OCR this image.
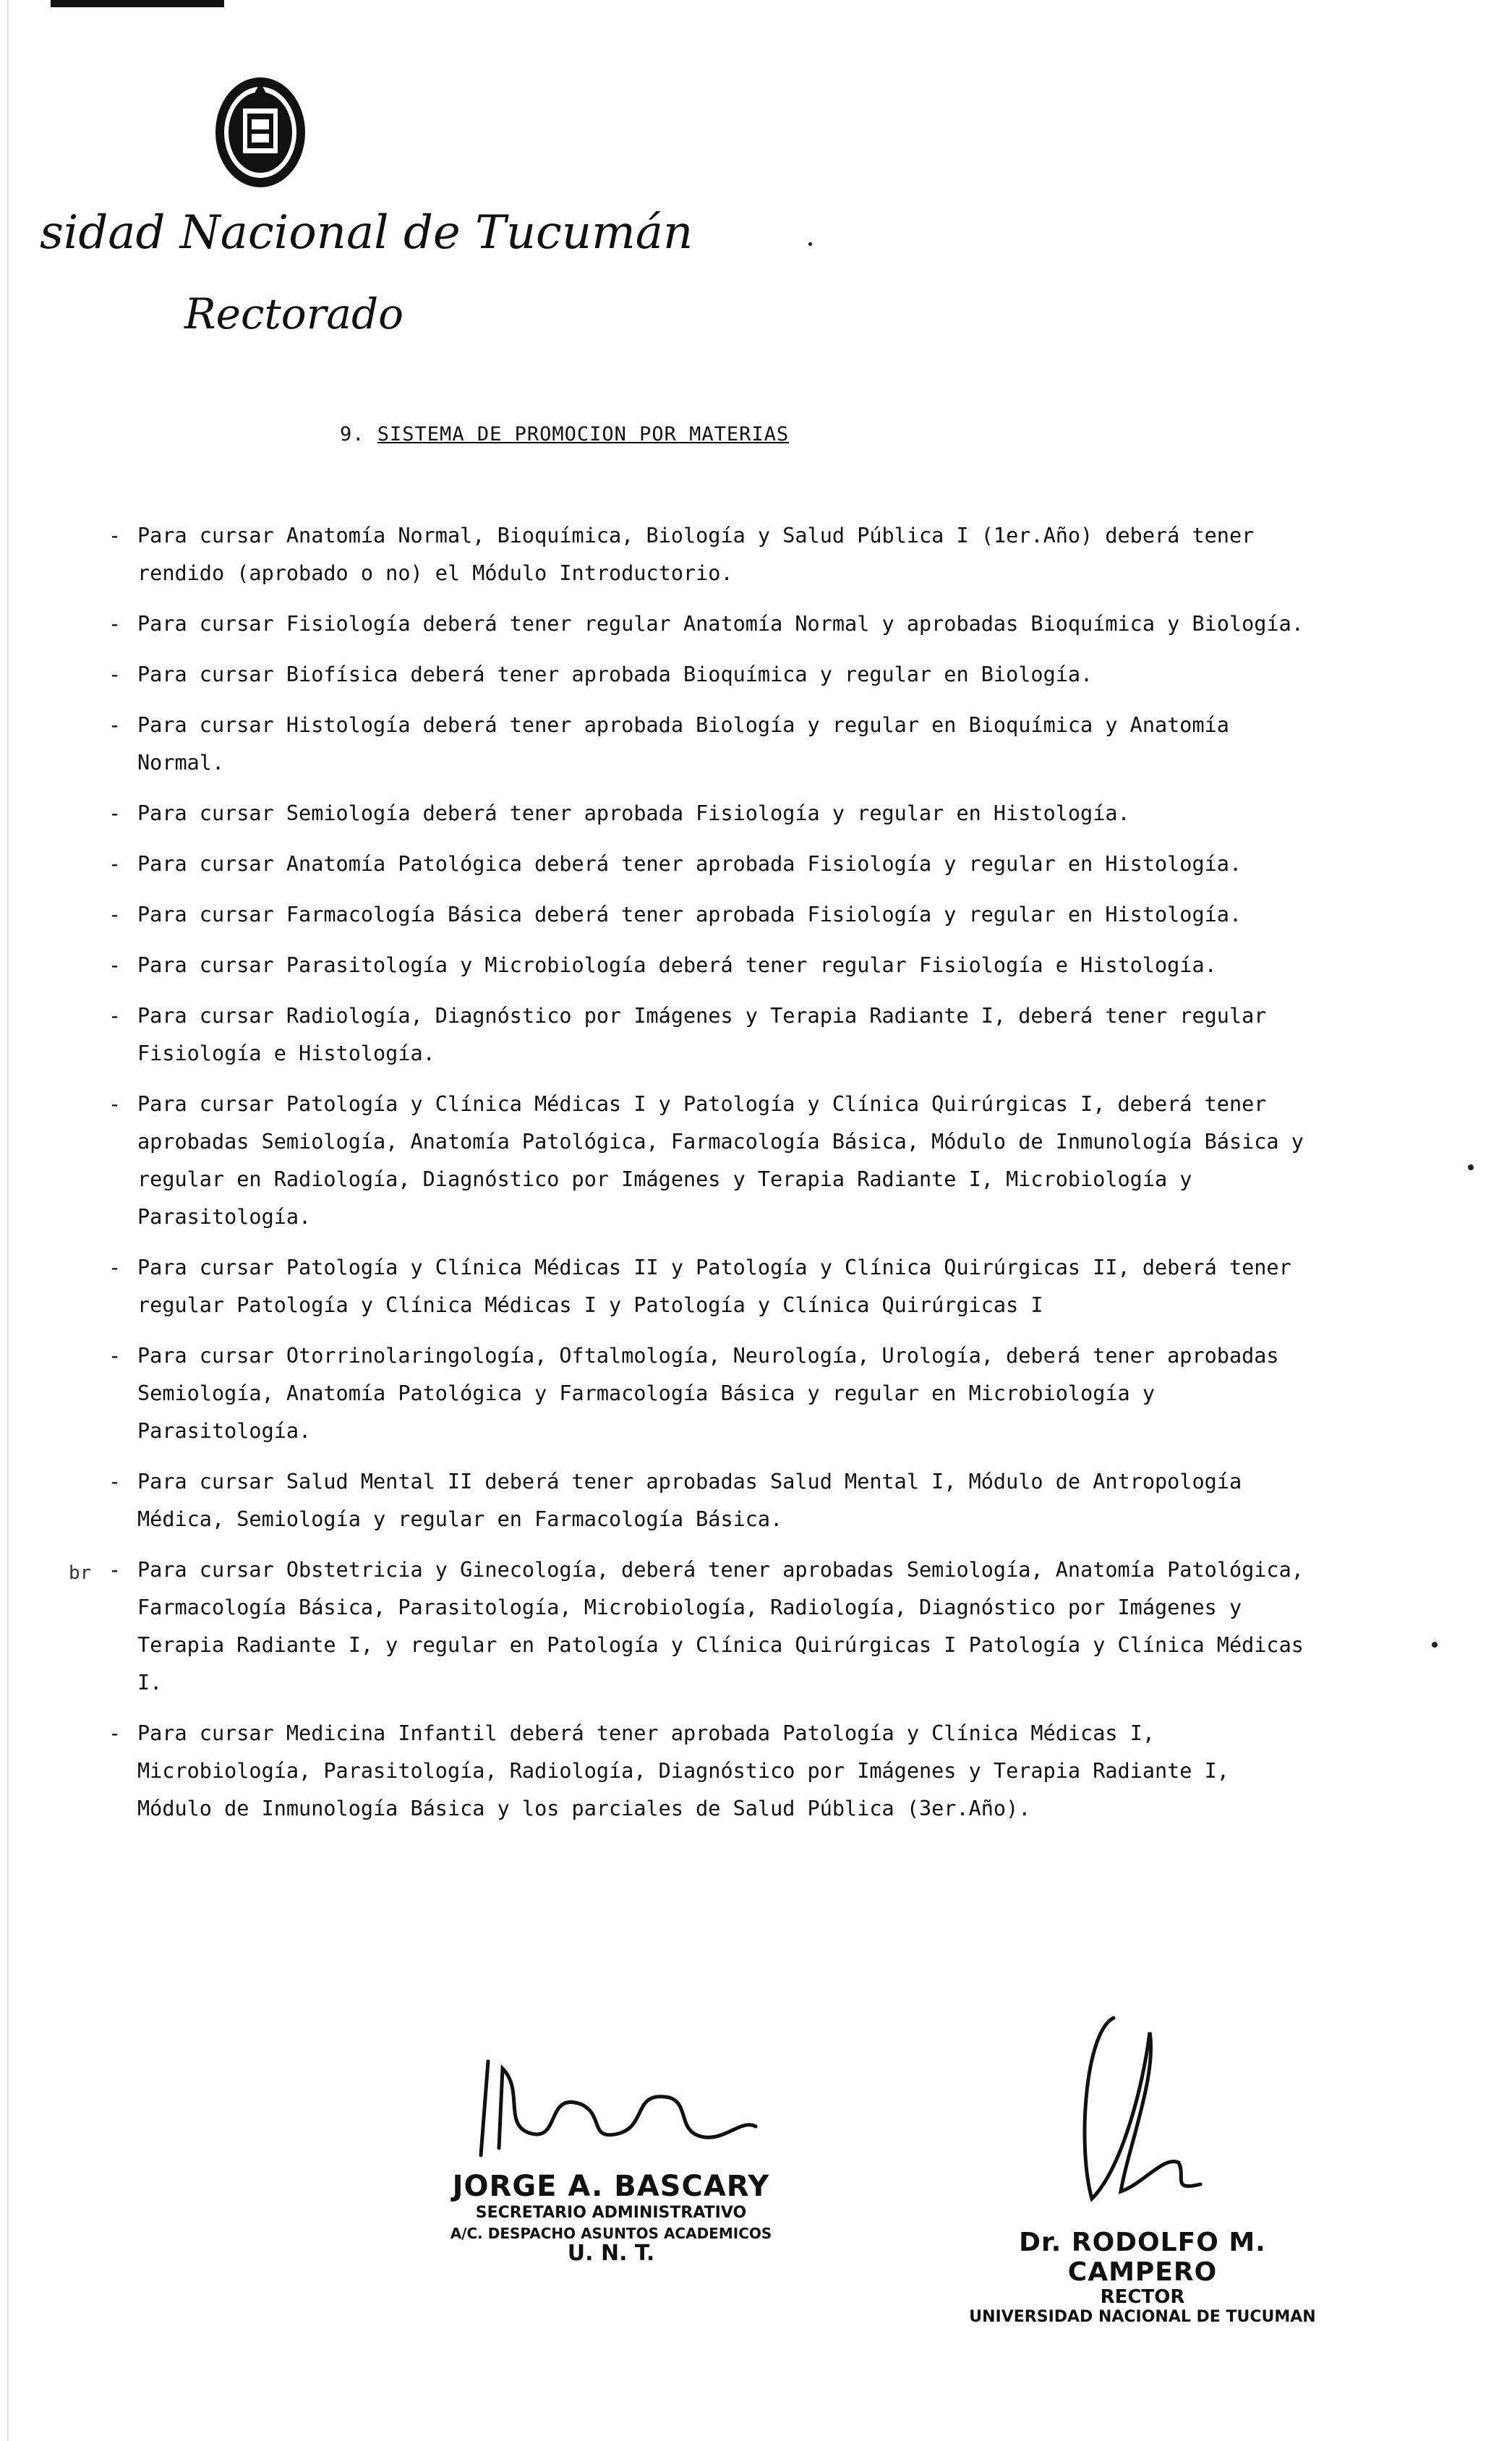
sidad Nacional de Tucumán
Rectorado
9. SISTEMA DE PROMOCION POR MATERIAS
- Para cursar Anatomía Normal, Bioquímica, Biología y Salud Pública I (1er.Año) deberá tener rendido (aprobado o no) el Módulo Introductorio.
- Para cursar Fisiología deberá tener regular Anatomía Normal y aprobadas Bioquímica y Biología.
- Para cursar Biofísica deberá tener aprobada Bioquímica y regular en Biología.
- Para cursar Histología deberá tener aprobada Biología y regular en Bioquímica y Anatomía Normal.
- Para cursar Semiología deberá tener aprobada Fisiología y regular en Histología.
- Para cursar Anatomía Patológica deberá tener aprobada Fisiología y regular en Histología.
- Para cursar Farmacología Básica deberá tener aprobada Fisiología y regular en Histología.
- Para cursar Parasitología y Microbiología deberá tener regular Fisiología e Histología.
- Para cursar Radiología, Diagnóstico por Imágenes y Terapia Radiante I, deberá tener regular Fisiología e Histología.
- Para cursar Patología y Clínica Médicas I y Patología y Clínica Quirúrgicas I, deberá tener aprobadas Semiología, Anatomía Patológica, Farmacología Básica, Módulo de Inmunología Básica y regular en Radiología, Diagnóstico por Imágenes y Terapia Radiante I, Microbiología y Parasitología.
- Para cursar Patología y Clínica Médicas II y Patología y Clínica Quirúrgicas II, deberá tener regular Patología y Clínica Médicas I y Patología y Clínica Quirúrgicas I
- Para cursar Otorrinolaringología, Oftalmología, Neurología, Urología, deberá tener aprobadas Semiología, Anatomía Patológica y Farmacología Básica y regular en Microbiología y Parasitología.
- Para cursar Salud Mental II deberá tener aprobadas Salud Mental I, Módulo de Antropología Médica, Semiología y regular en Farmacología Básica.
- Para cursar Obstetricia y Ginecología, deberá tener aprobadas Semiología, Anatomía Patológica, Farmacología Básica, Parasitología, Microbiología, Radiología, Diagnóstico por Imágenes y Terapia Radiante I, y regular en Patología y Clínica Quirúrgicas I Patología y Clínica Médicas I.
- Para cursar Medicina Infantil deberá tener aprobada Patología y Clínica Médicas I, Microbiología, Parasitología, Radiología, Diagnóstico por Imágenes y Terapia Radiante I, Módulo de Inmunología Básica y los parciales de Salud Pública (3er.Año).
br
JORGE A. BASCARY
SECRETARIO ADMINISTRATIVO
A/C. DESPACHO ASUNTOS ACADEMICOS
U. N. T.	Dr. RODOLFO M. CAMPERO
RECTOR
UNIVERSIDAD NACIONAL DE TUCUMAN
